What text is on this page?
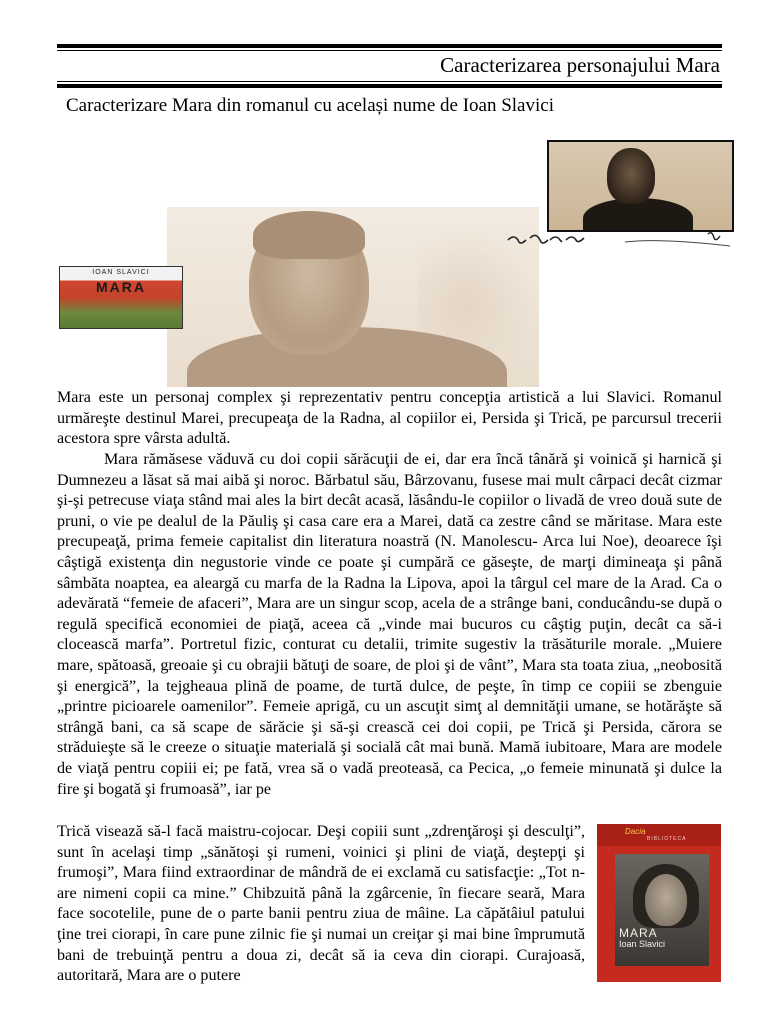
Caracterizarea personajului Mara
Caracterizare Mara din romanul cu același nume de Ioan Slavici
IOAN SLAVICI
MARA

Mara este un personaj complex şi reprezentativ pentru concepţia artistică a lui Slavici. Romanul urmăreşte destinul Marei, precupeaţa de la Radna, al copiilor ei, Persida şi Trică, pe parcursul trecerii acestora spre vârsta adultă.

Mara rămăsese văduvă cu doi copii sărăcuţii de ei, dar era încă tânără şi voinică şi harnică şi Dumnezeu a lăsat să mai aibă şi noroc. Bărbatul său, Bârzovanu, fusese mai mult cârpaci decât cizmar şi-şi petrecuse viaţa stând mai ales la birt decât acasă, lăsându-le copiilor o livadă de vreo două sute de pruni, o vie pe dealul de la Păuliş şi casa care era a Marei, dată ca zestre când se măritase. Mara este precupeaţă, prima femeie capitalist din literatura noastră (N. Manolescu- Arca lui Noe), deoarece îşi câştigă existenţa din negustorie vinde ce poate şi cumpără ce găseşte, de marţi dimineaţa şi până sâmbăta noaptea, ea aleargă cu marfa de la Radna la Lipova, apoi la târgul cel mare de la Arad. Ca o adevărată “femeie de afaceri”, Mara are un singur scop, acela de a strânge bani, conducându-se după o regulă specifică economiei de piaţă, aceea că „vinde mai bucuros cu câştig puţin, decât ca să-i clocească marfa”. Portretul fizic, conturat cu detalii, trimite sugestiv la trăsăturile morale. „Muiere mare, spătoasă, greoaie şi cu obrajii bătuţi de soare, de ploi şi de vânt”, Mara sta toata ziua, „neobosită şi energică”, la tejgheaua plină de poame, de turtă dulce, de peşte, în timp ce copiii se zbenguie „printre picioarele oamenilor”. Femeie aprigă, cu un ascuţit simţ al demnităţii umane, se hotărăşte să strângă bani, ca să scape de sărăcie şi să-şi crească cei doi copii, pe Trică şi Persida, cărora se străduieşte să le creeze o situaţie materială şi socială cât mai bună. Mamă iubitoare, Mara are modele de viaţă pentru copiii ei; pe fată, vrea să o vadă preoteasă, ca Pecica, „o femeie minunată şi dulce la fire şi bogată şi frumoasă”, iar pe

Trică visează să-l facă maistru-cojocar. Deşi copiii sunt „zdrenţăroşi şi desculţi”, sunt în acelaşi timp „sănătoşi şi rumeni, voinici şi plini de viaţă, deştepţi şi frumoşi”, Mara fiind extraordinar de mândră de ei exclamă cu satisfacţie: „Tot n-are nimeni copii ca mine.” Chibzuită până la zgârcenie, în fiecare seară, Mara face socotelile, pune de o parte banii pentru ziua de mâine. La căpătâiul patului ţine trei ciorapi, în care pune zilnic fie şi numai un creiţar şi mai bine împrumută bani de trebuinţă pentru a doua zi, decât să ia ceva din ciorapi. Curajoasă, autoritară, Mara are o putere

Dacia
BIBLIOTECA
MARA
Ioan Slavici
